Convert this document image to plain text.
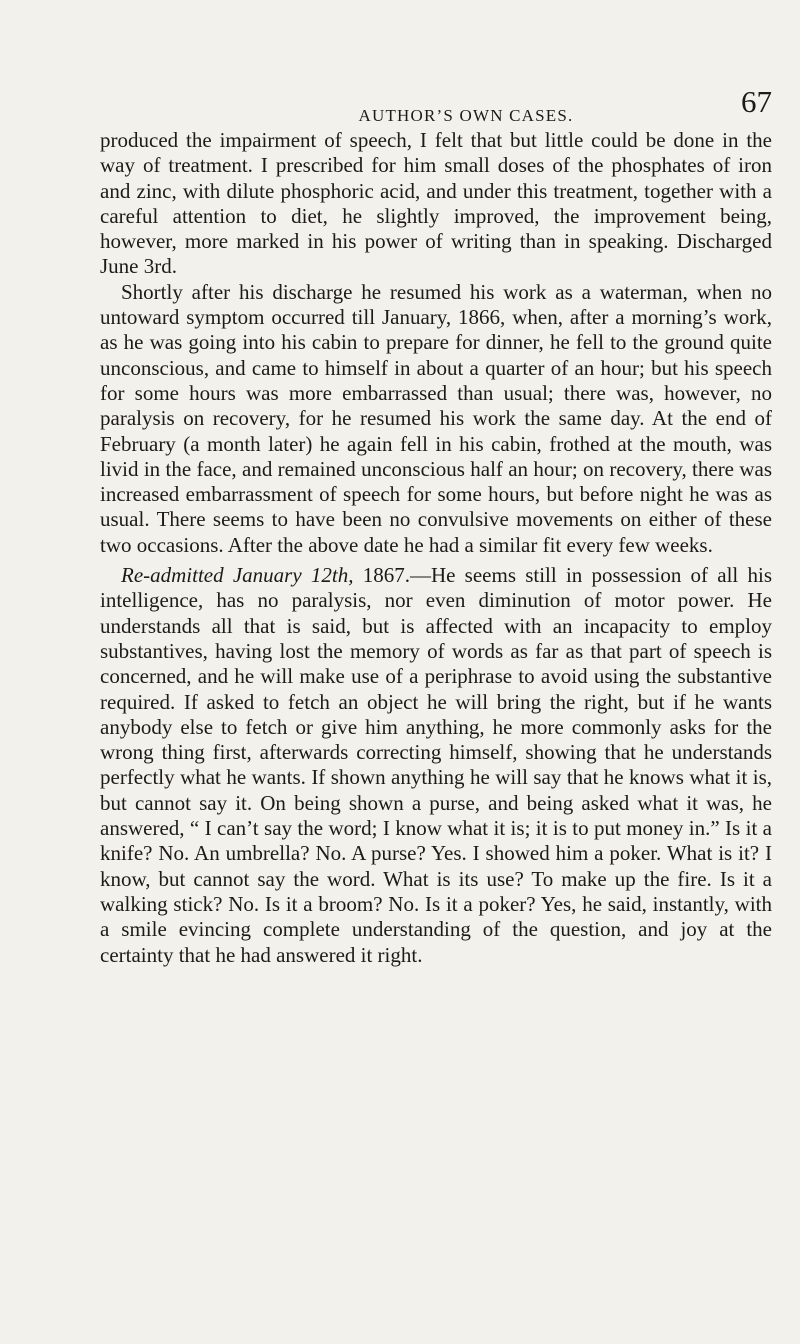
AUTHOR’S OWN CASES.	67

produced the impairment of speech, I felt that but little could be done in the way of treatment. I prescribed for him small doses of the phosphates of iron and zinc, with dilute phosphoric acid, and under this treatment, together with a careful attention to diet, he slightly improved, the improvement being, however, more marked in his power of writing than in speaking. Discharged June 3rd.

Shortly after his discharge he resumed his work as a waterman, when no untoward symptom occurred till January, 1866, when, after a morning’s work, as he was going into his cabin to prepare for dinner, he fell to the ground quite unconscious, and came to himself in about a quarter of an hour; but his speech for some hours was more embarrassed than usual; there was, however, no paralysis on recovery, for he resumed his work the same day. At the end of February (a month later) he again fell in his cabin, frothed at the mouth, was livid in the face, and remained unconscious half an hour; on recovery, there was increased embarrassment of speech for some hours, but before night he was as usual. There seems to have been no convulsive movements on either of these two occasions. After the above date he had a similar fit every few weeks.

Re-admitted January 12th, 1867.—He seems still in possession of all his intelligence, has no paralysis, nor even diminution of motor power. He understands all that is said, but is affected with an incapacity to employ substantives, having lost the memory of words as far as that part of speech is concerned, and he will make use of a periphrase to avoid using the substantive required. If asked to fetch an object he will bring the right, but if he wants anybody else to fetch or give him anything, he more commonly asks for the wrong thing first, afterwards correcting himself, showing that he understands perfectly what he wants. If shown anything he will say that he knows what it is, but cannot say it. On being shown a purse, and being asked what it was, he answered, “ I can’t say the word; I know what it is; it is to put money in.” Is it a knife? No. An umbrella? No. A purse? Yes. I showed him a poker. What is it? I know, but cannot say the word. What is its use? To make up the fire. Is it a walking stick? No. Is it a broom? No. Is it a poker? Yes, he said, instantly, with a smile evincing complete understanding of the question, and joy at the certainty that he had answered it right.
